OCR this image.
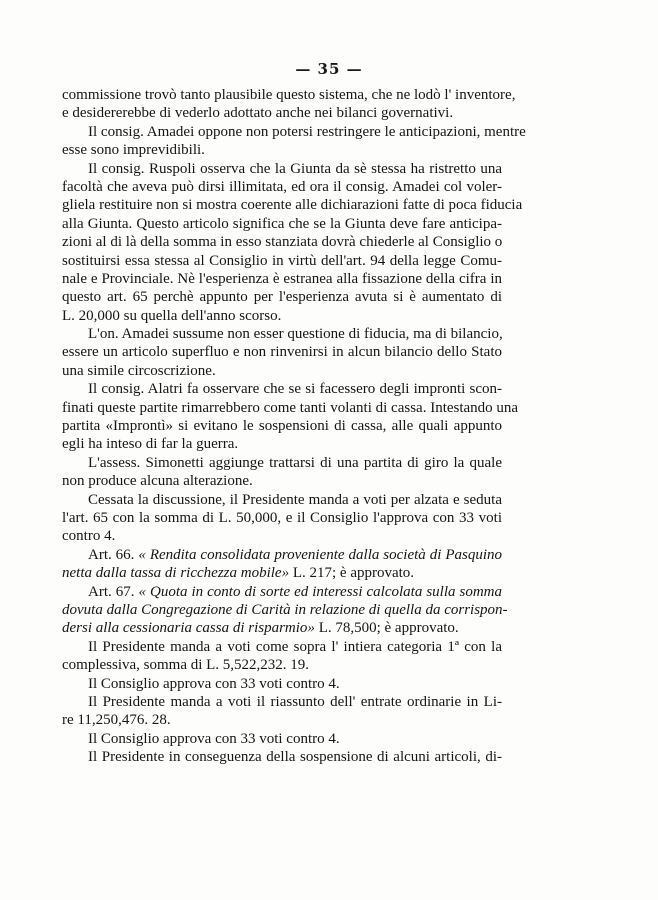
— 35 —
commissione trovò tanto plausibile questo sistema, che ne lodò l' inventore,
e desidererebbe di vederlo adottato anche nei bilanci governativi.
Il consig. Amadei oppone non potersi restringere le anticipazioni, mentre
esse sono imprevidibili.
Il consig. Ruspoli osserva che la Giunta da sè stessa ha ristretto una
facoltà che aveva può dirsi illimitata, ed ora il consig. Amadei col voler-
gliela restituire non si mostra coerente alle dichiarazioni fatte di poca fiducia
alla Giunta. Questo articolo significa che se la Giunta deve fare anticipa-
zioni al di là della somma in esso stanziata dovrà chiederle al Consiglio o
sostituirsi essa stessa al Consiglio in virtù dell'art. 94 della legge Comu-
nale e Provinciale. Nè l'esperienza è estranea alla fissazione della cifra in
questo art. 65 perchè appunto per l'esperienza avuta si è aumentato di
L. 20,000 su quella dell'anno scorso.
L'on. Amadei sussume non esser questione di fiducia, ma di bilancio,
essere un articolo superfluo e non rinvenirsi in alcun bilancio dello Stato
una simile circoscrizione.
Il consig. Alatri fa osservare che se si facessero degli impronti scon-
finati queste partite rimarrebbero come tanti volanti di cassa. Intestando una
partita «Improntì» si evitano le sospensioni di cassa, alle quali appunto
egli ha inteso di far la guerra.
L'assess. Simonetti aggiunge trattarsi di una partita di giro la quale
non produce alcuna alterazione.
Cessata la discussione, il Presidente manda a voti per alzata e seduta
l'art. 65 con la somma di L. 50,000, e il Consiglio l'approva con 33 voti
contro 4.
Art. 66. « Rendita consolidata proveniente dalla società di Pasquino
netta dalla tassa di ricchezza mobile» L. 217; è approvato.
Art. 67. « Quota in conto di sorte ed interessi calcolata sulla somma
dovuta dalla Congregazione di Carità in relazione di quella da corrispon-
dersi alla cessionaria cassa di risparmio» L. 78,500; è approvato.
Il Presidente manda a voti come sopra l' intiera categoria 1ª con la
complessiva, somma di L. 5,522,232. 19.
Il Consiglio approva con 33 voti contro 4.
Il Presidente manda a voti il riassunto dell' entrate ordinarie in Li-
re 11,250,476. 28.
Il Consiglio approva con 33 voti contro 4.
Il Presidente in conseguenza della sospensione di alcuni articoli, di-
